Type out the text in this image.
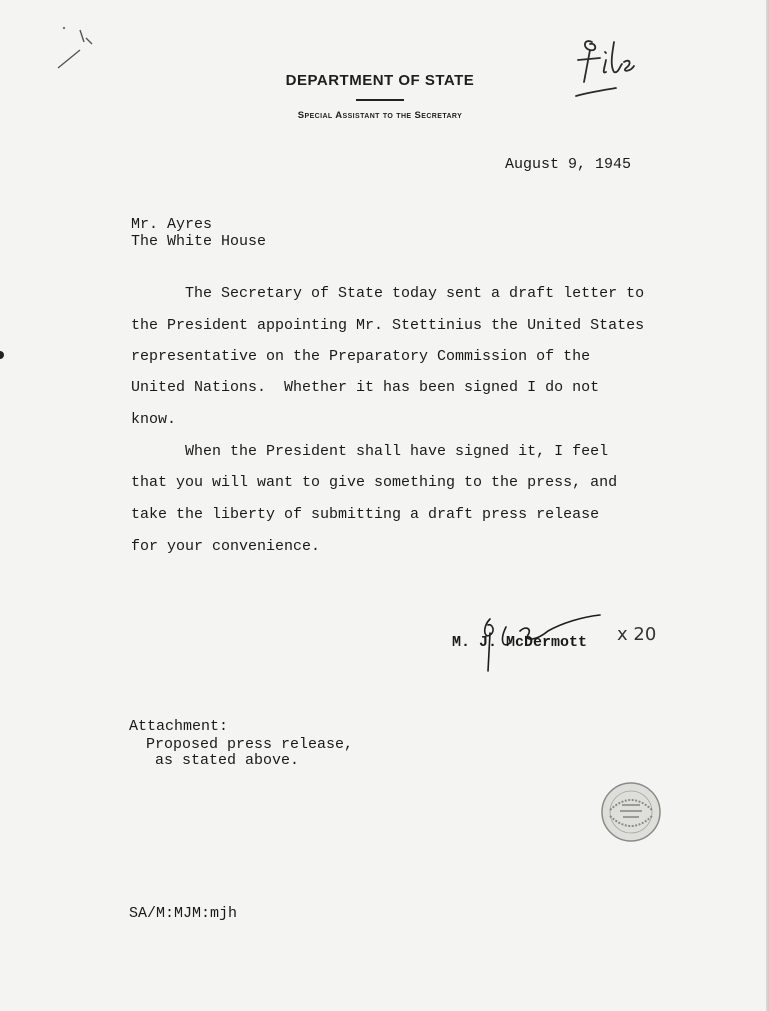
DEPARTMENT OF STATE
Special Assistant to the Secretary
File
August 9, 1945
Mr. Ayres
The White House
The Secretary of State today sent a draft letter to
the President appointing Mr. Stettinius the United States
representative on the Preparatory Commission of the
United Nations.  Whether it has been signed I do not
know.
When the President shall have signed it, I feel
that you will want to give something to the press, and
take the liberty of submitting a draft press release
for your convenience.
M. J. McDermott x 20
Attachment:
Proposed press release,
as stated above.
SA/M:MJM:mjh
